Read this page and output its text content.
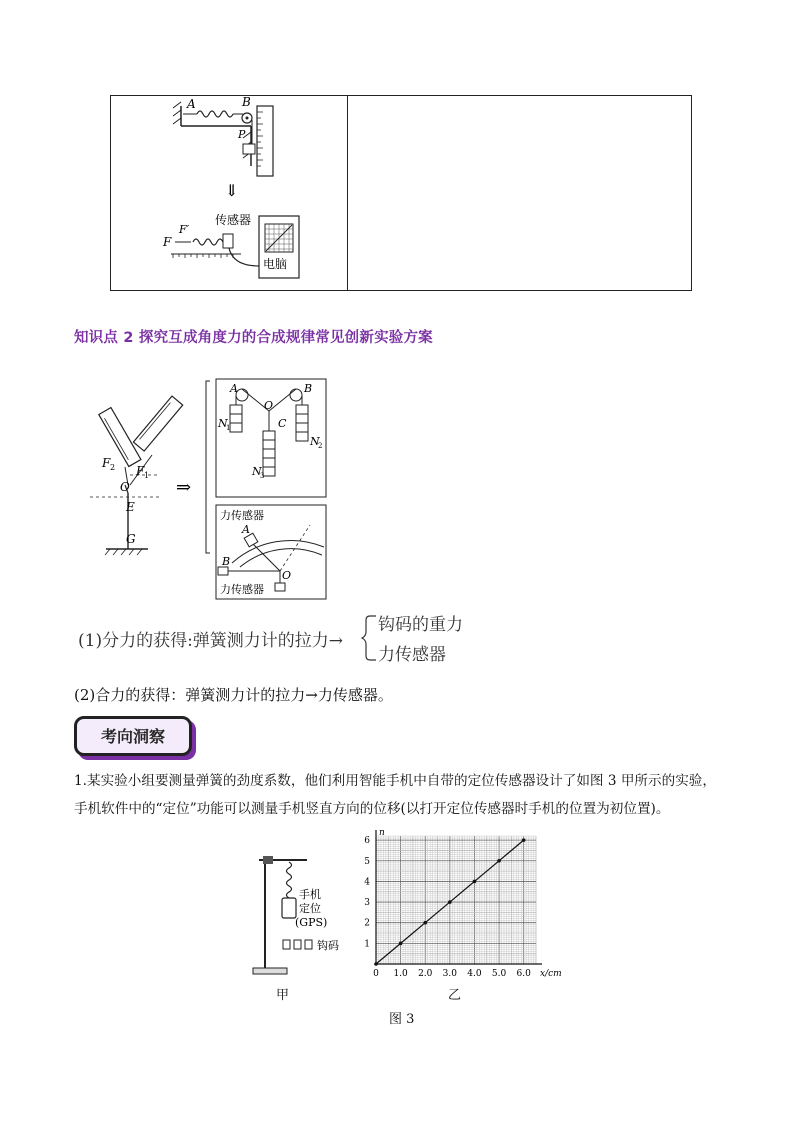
A	B
P
⇓
传感器
F
F′
电脑
知识点 2 探究互成角度力的合成规律常见创新实验方案
F 2 F 1
O
E
G
⇒
A	B
O
C
N
1
N
2
N
3
力传感器
A
B
O
力传感器
(1)分力的获得:弹簧测力计的拉力→
钩码的重力
力传感器
(2)合力的获得：弹簧测力计的拉力→力传感器。
考向洞察
1.某实验小组要测量弹簧的劲度系数，他们利用智能手机中自带的定位传感器设计了如图 3 甲所示的实验，
手机软件中的“定位”功能可以测量手机竖直方向的位移(以打开定位传感器时手机的位置为初位置)。
手机
定位
(GPS)
钩码
甲
0 1.0 2.0 3.0 4.0 5.0 6.0
1
2
3
4
5
6
x/cm
n
乙
图 3
